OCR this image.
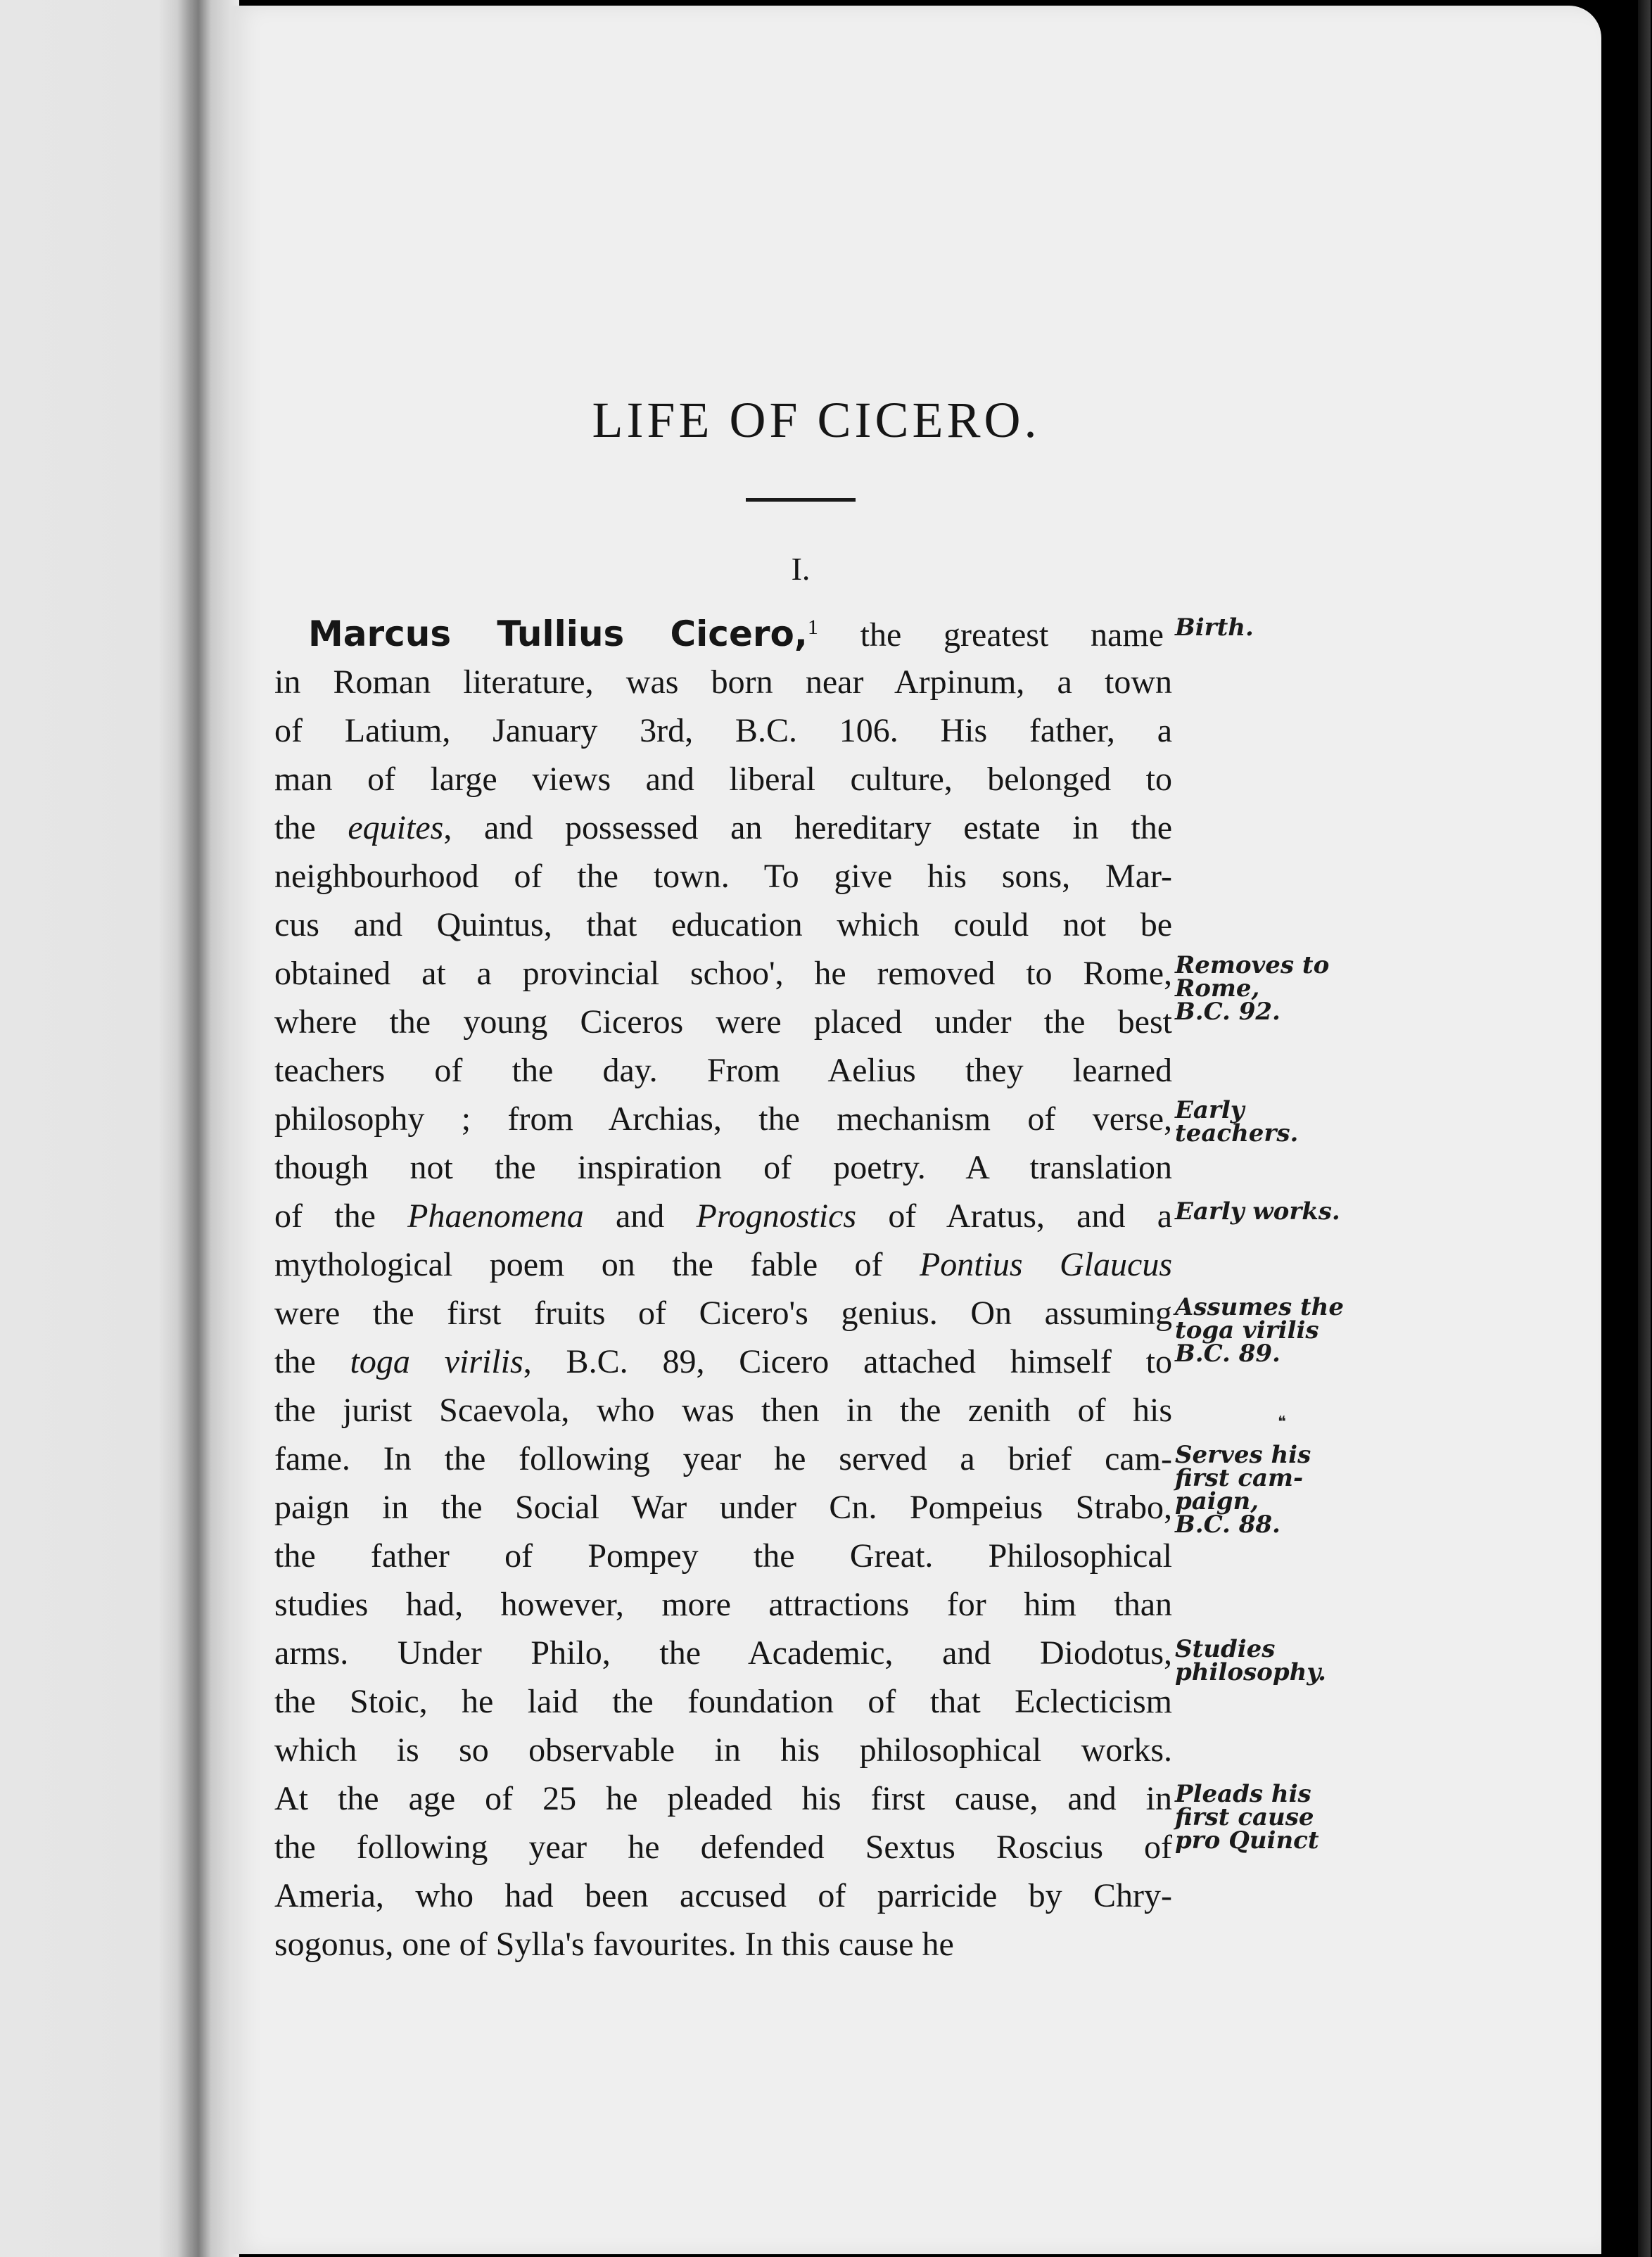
LIFE OF CICERO.
I.
Marcus Tullius Cicero,$^1$ the greatest name
in Roman literature, was born near Arpinum, a town
of Latium, January 3rd, B.C. 106. His father, a
man of large views and liberal culture, belonged to
the equites, and possessed an hereditary estate in the
neighbourhood of the town. To give his sons, Mar-
cus and Quintus, that education which could not be
obtained at a provincial schoo', he removed to Rome,
where the young Ciceros were placed under the best
teachers of the day. From Aelius they learned
philosophy ; from Archias, the mechanism of verse,
though not the inspiration of poetry. A translation
of the Phaenomena and Prognostics of Aratus, and a
mythological poem on the fable of Pontius Glaucus
were the first fruits of Cicero's genius. On assuming
the toga virilis, B.C. 89, Cicero attached himself to
the jurist Scaevola, who was then in the zenith of his
fame. In the following year he served a brief cam-
paign in the Social War under Cn. Pompeius Strabo,
the father of Pompey the Great. Philosophical
studies had, however, more attractions for him than
arms. Under Philo, the Academic, and Diodotus,
the Stoic, he laid the foundation of that Eclecticism
which is so observable in his philosophical works.
At the age of 25 he pleaded his first cause, and in
the following year he defended Sextus Roscius of
Ameria, who had been accused of parricide by Chry-
sogonus, one of Sylla's favourites. In this cause he
Birth.
Removes to
Rome,
B.C. 92.
Early
teachers.
Early works.
Assumes the
toga virilis
B.C. 89.
Serves his
first cam-
paign,
B.C. 88.
Studies
philosophy.
Pleads his
first cause
pro Quinct
